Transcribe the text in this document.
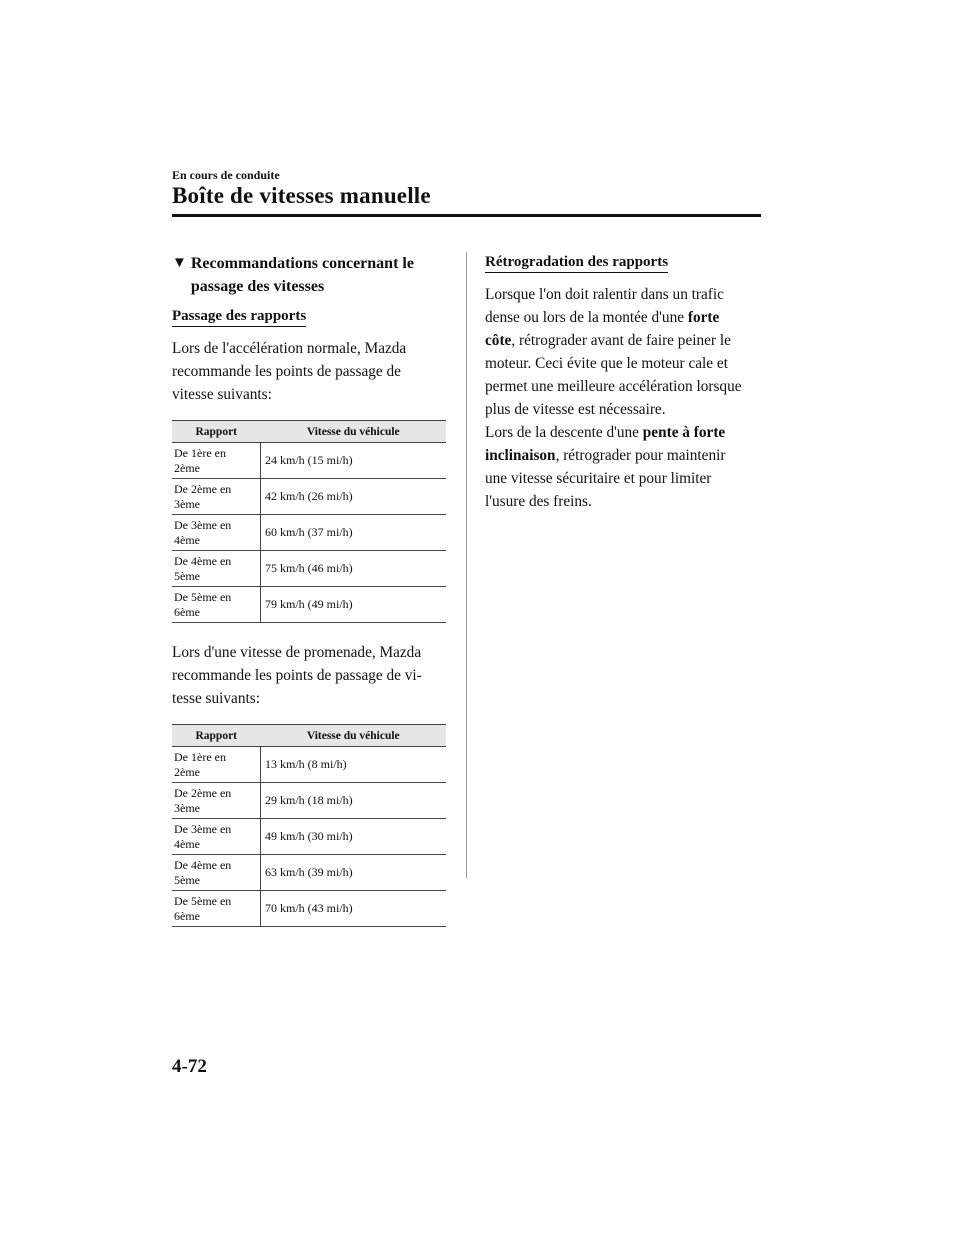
En cours de conduite
Boîte de vitesses manuelle
▼ Recommandations concernant le
passage des vitesses
Passage des rapports

Lors de l'accélération normale, Mazda
recommande les points de passage de
vitesse suivants:

Rapport	Vitesse du véhicule
De 1ère en
2ème	24 km/h (15 mi/h)
De 2ème en
3ème	42 km/h (26 mi/h)
De 3ème en
4ème	60 km/h (37 mi/h)
De 4ème en
5ème	75 km/h (46 mi/h)
De 5ème en
6ème	79 km/h (49 mi/h)

Lors d'une vitesse de promenade, Mazda
recommande les points de passage de vi-
tesse suivants:

Rapport	Vitesse du véhicule
De 1ère en
2ème	13 km/h (8 mi/h)
De 2ème en
3ème	29 km/h (18 mi/h)
De 3ème en
4ème	49 km/h (30 mi/h)
De 4ème en
5ème	63 km/h (39 mi/h)
De 5ème en
6ème	70 km/h (43 mi/h)
Rétrogradation des rapports

Lorsque l'on doit ralentir dans un trafic
dense ou lors de la montée d'une forte
côte, rétrograder avant de faire peiner le
moteur. Ceci évite que le moteur cale et
permet une meilleure accélération lorsque
plus de vitesse est nécessaire.

Lors de la descente d'une pente à forte
inclinaison, rétrograder pour maintenir
une vitesse sécuritaire et pour limiter
l'usure des freins.

4-72
